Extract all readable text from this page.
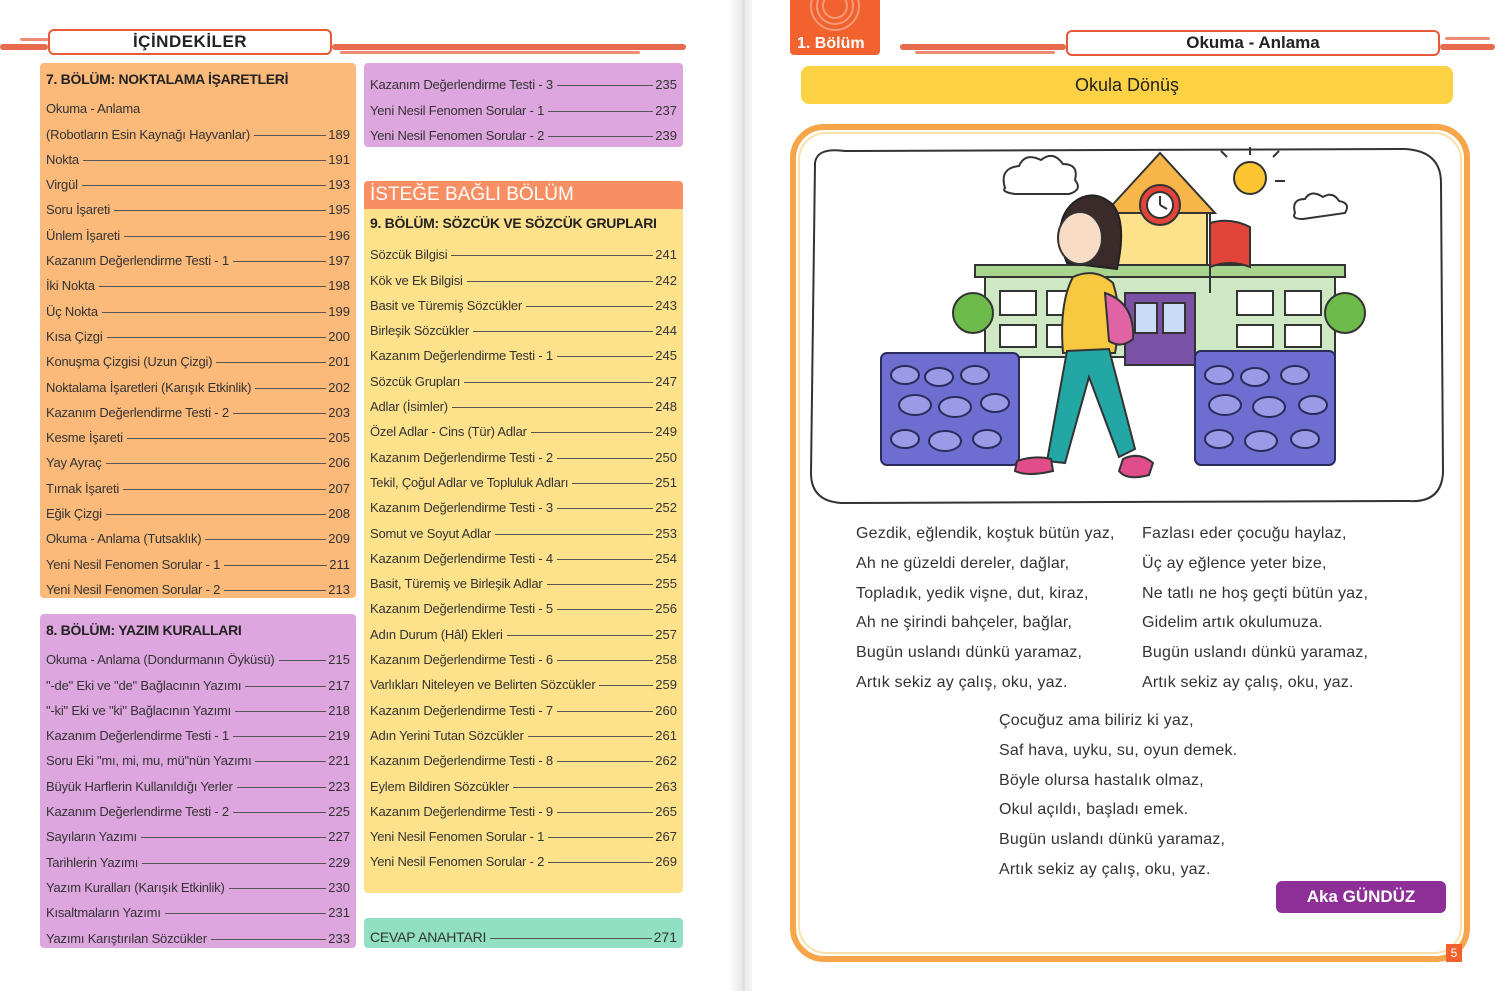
İÇİNDEKİLER
7. BÖLÜM: NOKTALAMA İŞARETLERİ
Okuma - Anlama
(Robotların Esin Kaynağı Hayvanlar)	189
Nokta	191
Virgül	193
Soru İşareti	195
Ünlem İşareti	196
Kazanım Değerlendirme Testi - 1	197
İki Nokta	198
Üç Nokta	199
Kısa Çizgi	200
Konuşma Çizgisi (Uzun Çizgi)	201
Noktalama İşaretleri (Karışık Etkinlik)	202
Kazanım Değerlendirme Testi - 2	203
Kesme İşareti	205
Yay Ayraç	206
Tırnak İşareti	207
Eğik Çizgi	208
Okuma - Anlama (Tutsaklık)	209
Yeni Nesil Fenomen Sorular - 1	211
Yeni Nesil Fenomen Sorular - 2	213
8. BÖLÜM: YAZIM KURALLARI
Okuma - Anlama (Dondurmanın Öyküsü)	215
"-de" Eki ve "de" Bağlacının Yazımı	217
"-ki" Eki ve "ki" Bağlacının Yazımı	218
Kazanım Değerlendirme Testi - 1	219
Soru Eki "mı, mi, mu, mü"nün Yazımı	221
Büyük Harflerin Kullanıldığı Yerler	223
Kazanım Değerlendirme Testi - 2	225
Sayıların Yazımı	227
Tarihlerin Yazımı	229
Yazım Kuralları (Karışık Etkinlik)	230
Kısaltmaların Yazımı	231
Yazımı Karıştırılan Sözcükler	233
Kazanım Değerlendirme Testi - 3	235
Yeni Nesil Fenomen Sorular - 1	237
Yeni Nesil Fenomen Sorular - 2	239
İSTEĞE BAĞLI BÖLÜM
9. BÖLÜM: SÖZCÜK VE SÖZCÜK GRUPLARI
Sözcük Bilgisi	241
Kök ve Ek Bilgisi	242
Basit ve Türemiş Sözcükler	243
Birleşik Sözcükler	244
Kazanım Değerlendirme Testi - 1	245
Sözcük Grupları	247
Adlar (İsimler)	248
Özel Adlar - Cins (Tür) Adlar	249
Kazanım Değerlendirme Testi - 2	250
Tekil, Çoğul Adlar ve Topluluk Adları	251
Kazanım Değerlendirme Testi - 3	252
Somut ve Soyut Adlar	253
Kazanım Değerlendirme Testi - 4	254
Basit, Türemiş ve Birleşik Adlar	255
Kazanım Değerlendirme Testi - 5	256
Adın Durum (Hâl) Ekleri	257
Kazanım Değerlendirme Testi - 6	258
Varlıkları Niteleyen ve Belirten Sözcükler	259
Kazanım Değerlendirme Testi - 7	260
Adın Yerini Tutan Sözcükler	261
Kazanım Değerlendirme Testi - 8	262
Eylem Bildiren Sözcükler	263
Kazanım Değerlendirme Testi - 9	265
Yeni Nesil Fenomen Sorular - 1	267
Yeni Nesil Fenomen Sorular - 2	269
CEVAP ANAHTARI	271
1. Bölüm	Okuma - Anlama
Okula Dönüş
Gezdik, eğlendik, koştuk bütün yaz,
Ah ne güzeldi dereler, dağlar,
Topladık, yedik vişne, dut, kiraz,
Ah ne şirindi bahçeler, bağlar,
Bugün uslandı dünkü yaramaz,
Artık sekiz ay çalış, oku, yaz.
Fazlası eder çocuğu haylaz,
Üç ay eğlence yeter bize,
Ne tatlı ne hoş geçti bütün yaz,
Gidelim artık okulumuza.
Bugün uslandı dünkü yaramaz,
Artık sekiz ay çalış, oku, yaz.
Çocuğuz ama biliriz ki yaz,
Saf hava, uyku, su, oyun demek.
Böyle olursa hastalık olmaz,
Okul açıldı, başladı emek.
Bugün uslandı dünkü yaramaz,
Artık sekiz ay çalış, oku, yaz.
Aka GÜNDÜZ
5
